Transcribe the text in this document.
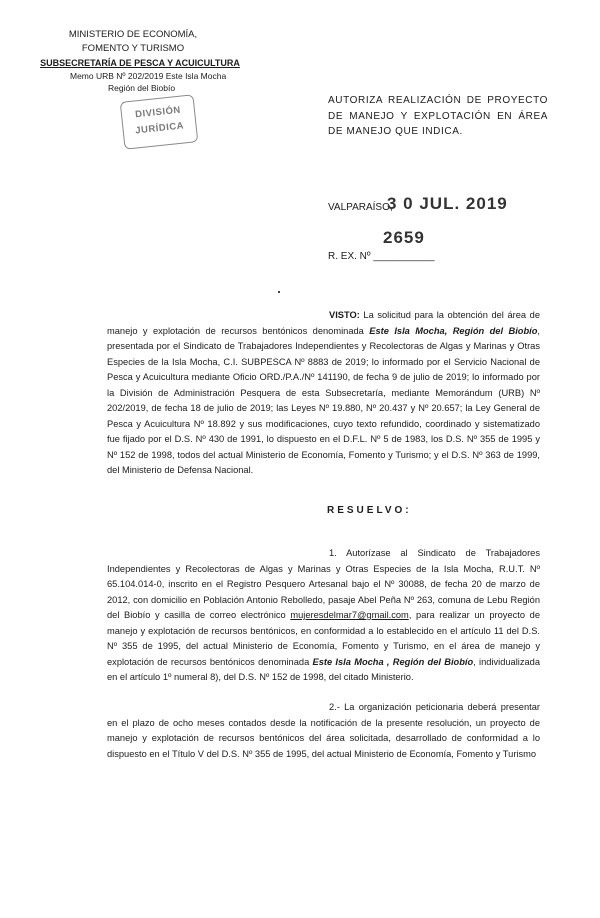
MINISTERIO DE ECONOMÍA,
FOMENTO Y TURISMO
SUBSECRETARÍA DE PESCA Y ACUICULTURA
Memo URB Nº 202/2019 Este Isla Mocha
Región del Biobío
DIVISIÓN
JURÍDICA
AUTORIZA REALIZACIÓN DE PROYECTO DE MANEJO Y EXPLOTACIÓN EN ÁREA DE MANEJO QUE INDICA.
VALPARAÍSO,
3 0 JUL. 2019
2659
R. EX. Nº ___________
VISTO: La solicitud para la obtención del área de manejo y explotación de recursos bentónicos denominada Este Isla Mocha, Región del Biobío, presentada por el Sindicato de Trabajadores Independientes y Recolectoras de Algas y Marinas y Otras Especies de la Isla Mocha, C.I. SUBPESCA Nº 8883 de 2019; lo informado por el Servicio Nacional de Pesca y Acuicultura mediante Oficio ORD./P.A./Nº 141190, de fecha 9 de julio de 2019; lo informado por la División de Administración Pesquera de esta Subsecretaría, mediante Memorándum (URB) Nº 202/2019, de fecha 18 de julio de 2019; las Leyes Nº 19.880, Nº 20.437 y Nº 20.657; la Ley General de Pesca y Acuicultura Nº 18.892 y sus modificaciones, cuyo texto refundido, coordinado y sistematizado fue fijado por el D.S. Nº 430 de 1991, lo dispuesto en el D.F.L. Nº 5 de 1983, los D.S. Nº 355 de 1995 y Nº 152 de 1998, todos del actual Ministerio de Economía, Fomento y Turismo; y el D.S. Nº 363 de 1999, del Ministerio de Defensa Nacional.
RESUELVO:
1. Autorízase al Sindicato de Trabajadores Independientes y Recolectoras de Algas y Marinas y Otras Especies de la Isla Mocha, R.U.T. Nº 65.104.014-0, inscrito en el Registro Pesquero Artesanal bajo el Nº 30088, de fecha 20 de marzo de 2012, con domicilio en Población Antonio Rebolledo, pasaje Abel Peña Nº 263, comuna de Lebu Región del Biobío y casilla de correo electrónico mujeresdelmar7@gmail.com, para realizar un proyecto de manejo y explotación de recursos bentónicos, en conformidad a lo establecido en el artículo 11 del D.S. Nº 355 de 1995, del actual Ministerio de Economía, Fomento y Turismo, en el área de manejo y explotación de recursos bentónicos denominada Este Isla Mocha , Región del Biobío, individualizada en el artículo 1º numeral 8), del D.S. Nº 152 de 1998, del citado Ministerio.
2.- La organización peticionaria deberá presentar en el plazo de ocho meses contados desde la notificación de la presente resolución, un proyecto de manejo y explotación de recursos bentónicos del área solicitada, desarrollado de conformidad a lo dispuesto en el Título V del D.S. Nº 355 de 1995, del actual Ministerio de Economía, Fomento y Turismo
